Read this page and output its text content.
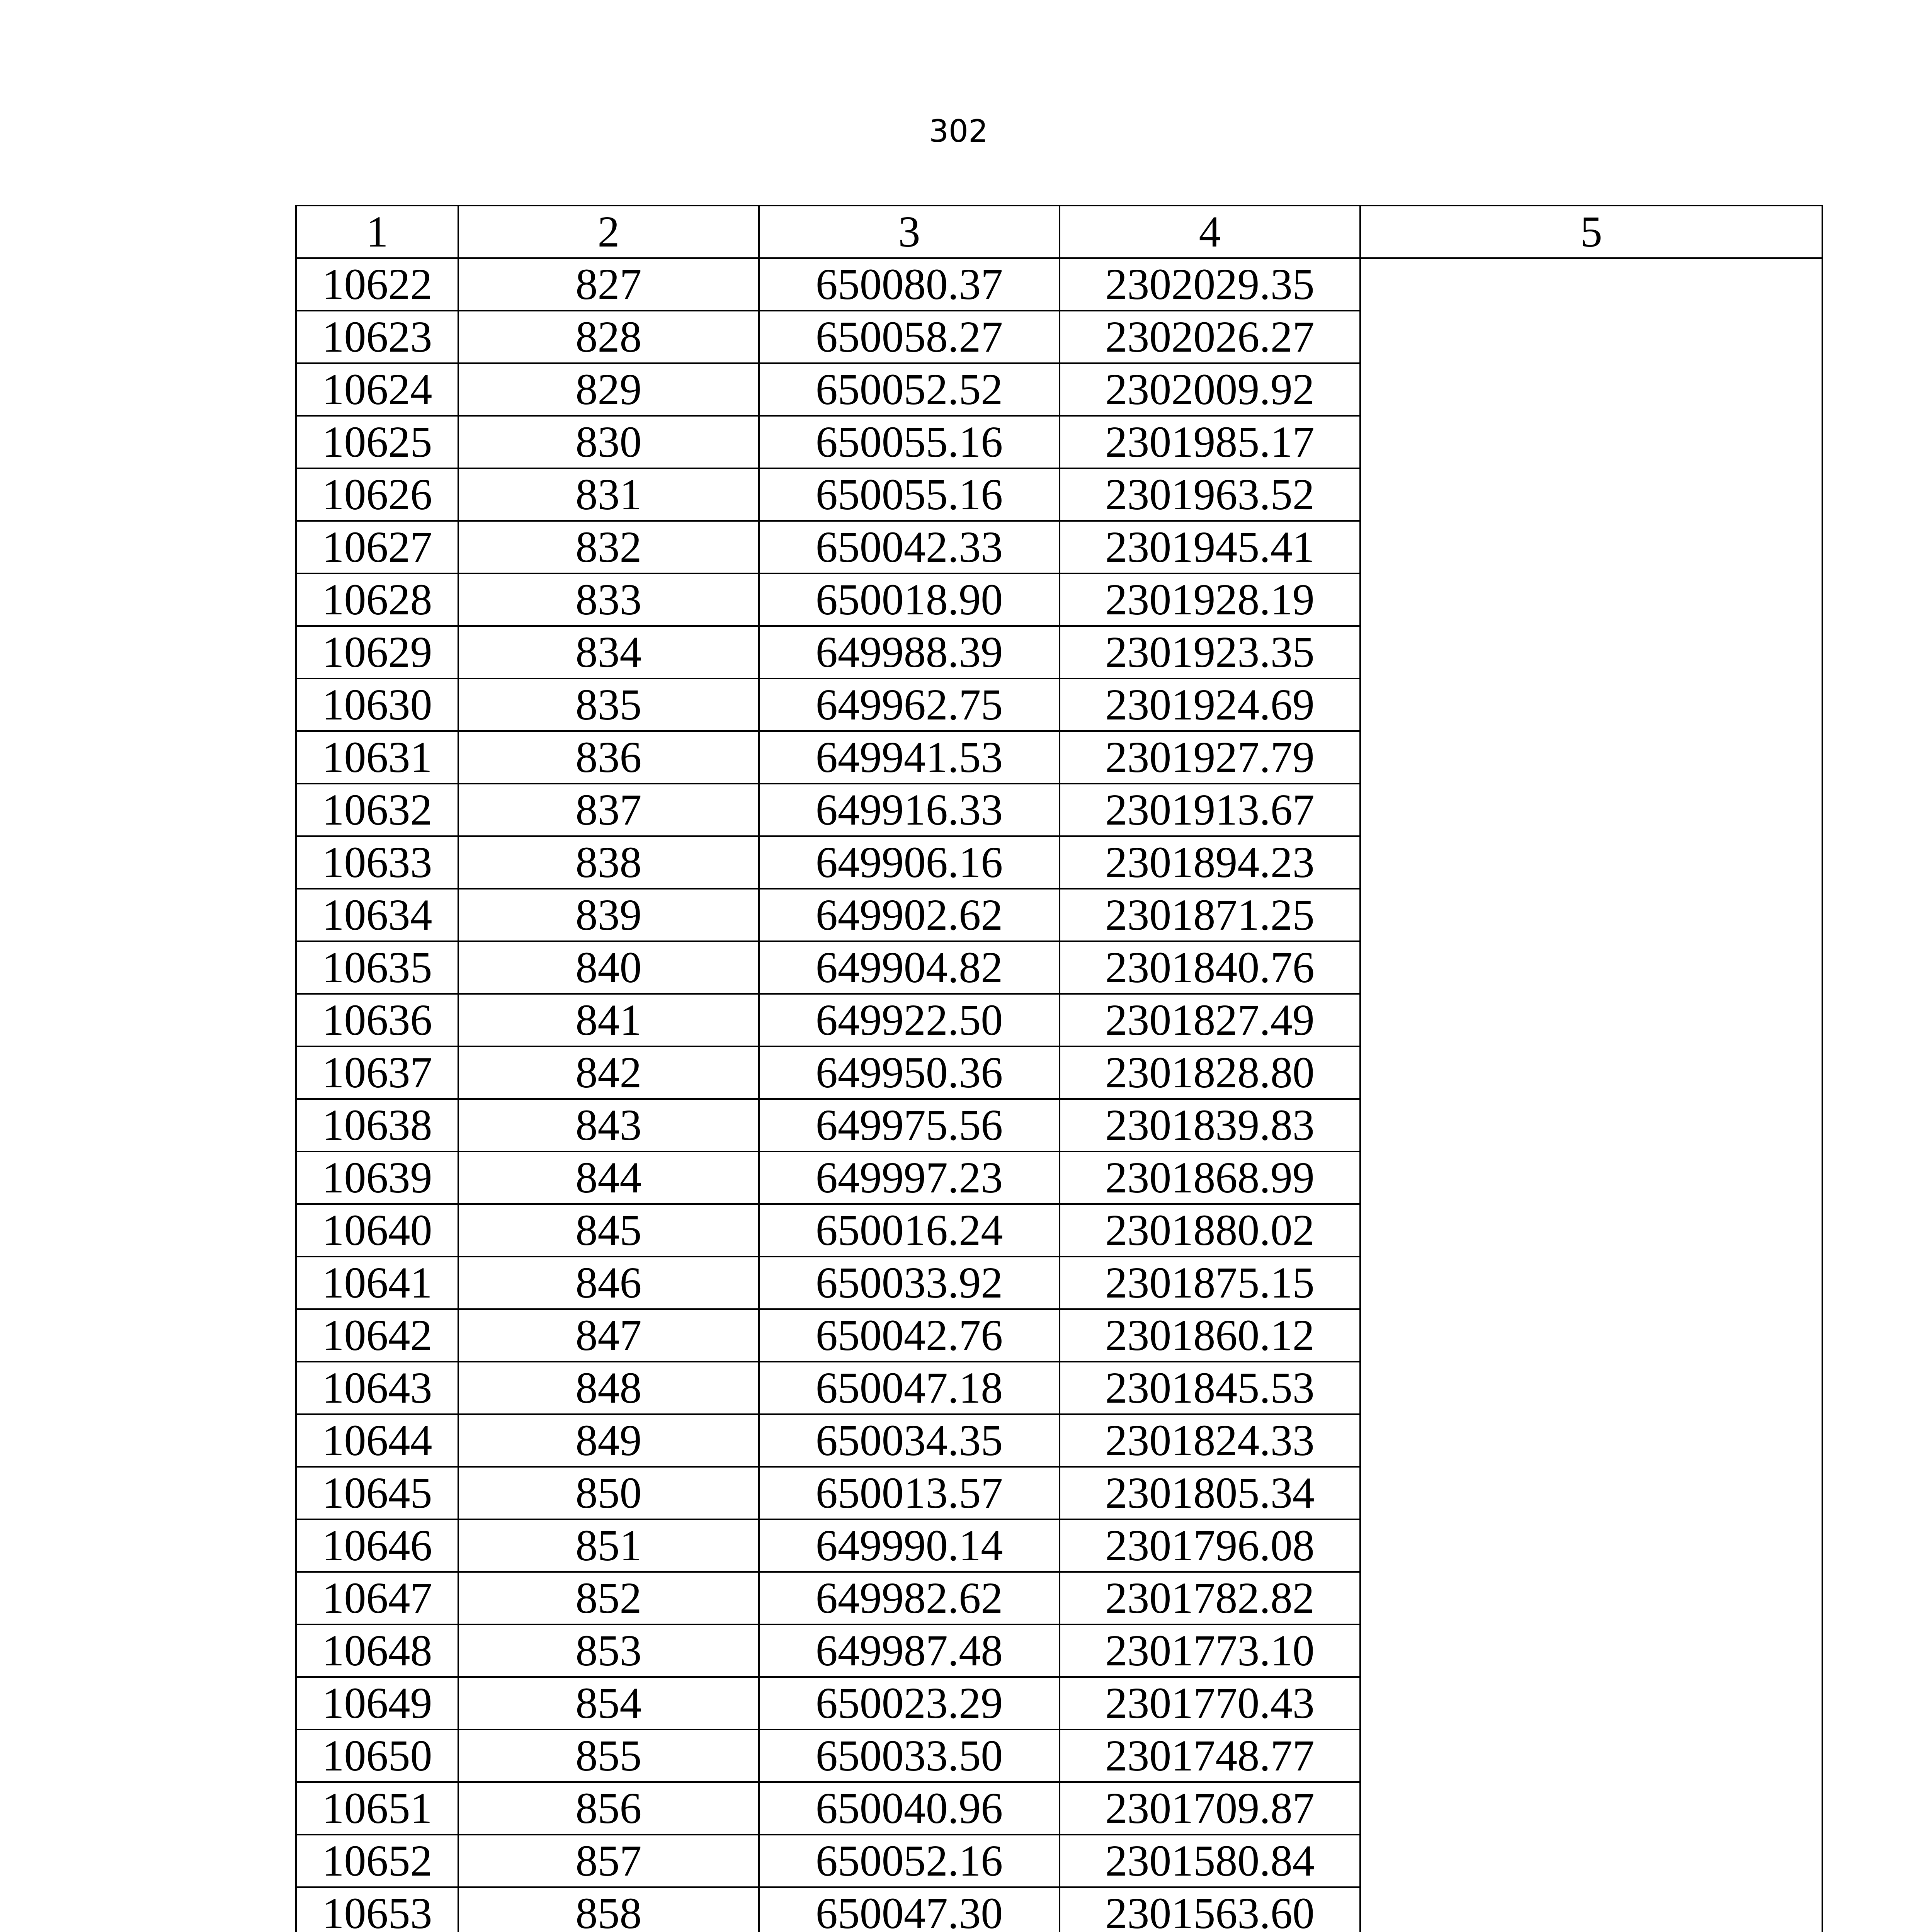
302
1	2	3	4	5
10622	827	650080.37	2302029.35	
10623	828	650058.27	2302026.27	
10624	829	650052.52	2302009.92	
10625	830	650055.16	2301985.17	
10626	831	650055.16	2301963.52	
10627	832	650042.33	2301945.41	
10628	833	650018.90	2301928.19	
10629	834	649988.39	2301923.35	
10630	835	649962.75	2301924.69	
10631	836	649941.53	2301927.79	
10632	837	649916.33	2301913.67	
10633	838	649906.16	2301894.23	
10634	839	649902.62	2301871.25	
10635	840	649904.82	2301840.76	
10636	841	649922.50	2301827.49	
10637	842	649950.36	2301828.80	
10638	843	649975.56	2301839.83	
10639	844	649997.23	2301868.99	
10640	845	650016.24	2301880.02	
10641	846	650033.92	2301875.15	
10642	847	650042.76	2301860.12	
10643	848	650047.18	2301845.53	
10644	849	650034.35	2301824.33	
10645	850	650013.57	2301805.34	
10646	851	649990.14	2301796.08	
10647	852	649982.62	2301782.82	
10648	853	649987.48	2301773.10	
10649	854	650023.29	2301770.43	
10650	855	650033.50	2301748.77	
10651	856	650040.96	2301709.87	
10652	857	650052.16	2301580.84	
10653	858	650047.30	2301563.60	
